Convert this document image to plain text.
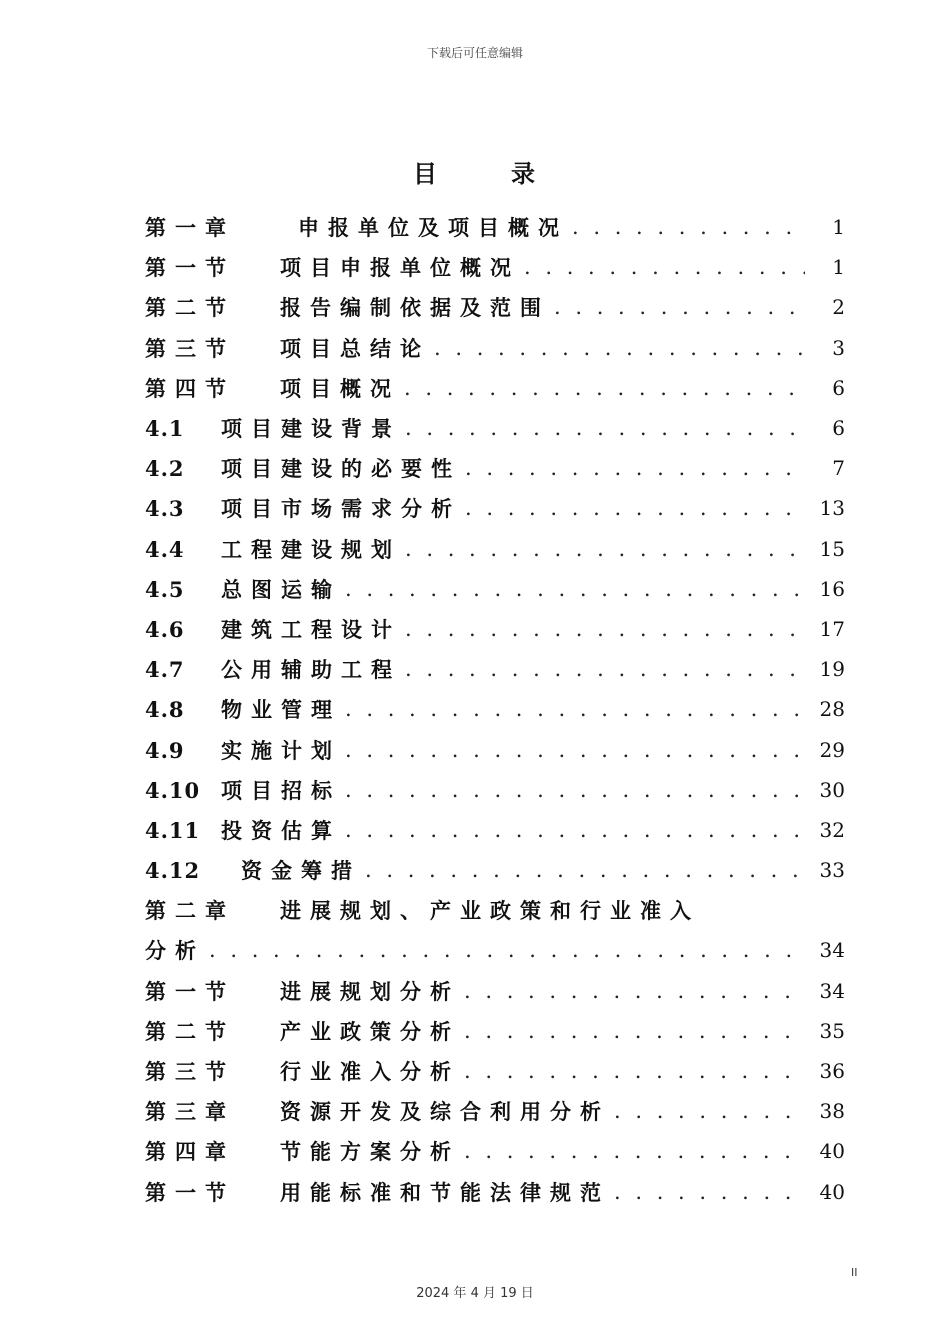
下载后可任意编辑
目	录
第一章	申报单位及项目概况 . . .	1
第一节 项目申报单位概况 . . .	1
第二节 报告编制依据及范围 . . .	2
第三节 项目总结论 . . .	3
第四节 项目概况 . . .	6
4.1 项目建设背景 . . .	6
4.2 项目建设的必要性 . . .	7
4.3 项目市场需求分析 . . .	13
4.4 工程建设规划 . . .	15
4.5 总图运输 . . .	16
4.6 建筑工程设计 . . .	17
4.7 公用辅助工程 . . .	19
4.8 物业管理 . . .	28
4.9 实施计划 . . .	29
4.10 项目招标 . . .	30
4.11 投资估算 . . .	32
4.12 资金筹措 . . .	33
第二章 进展规划、产业政策和行业准入
分析 . . .	34
第一节 进展规划分析 . . .	34
第二节 产业政策分析 . . .	35
第三节 行业准入分析 . . .	36
第三章 资源开发及综合利用分析 . . .	38
第四章 节能方案分析 . . .	40
第一节 用能标准和节能法律规范 . . .	40
II
2024 年 4 月 19 日
